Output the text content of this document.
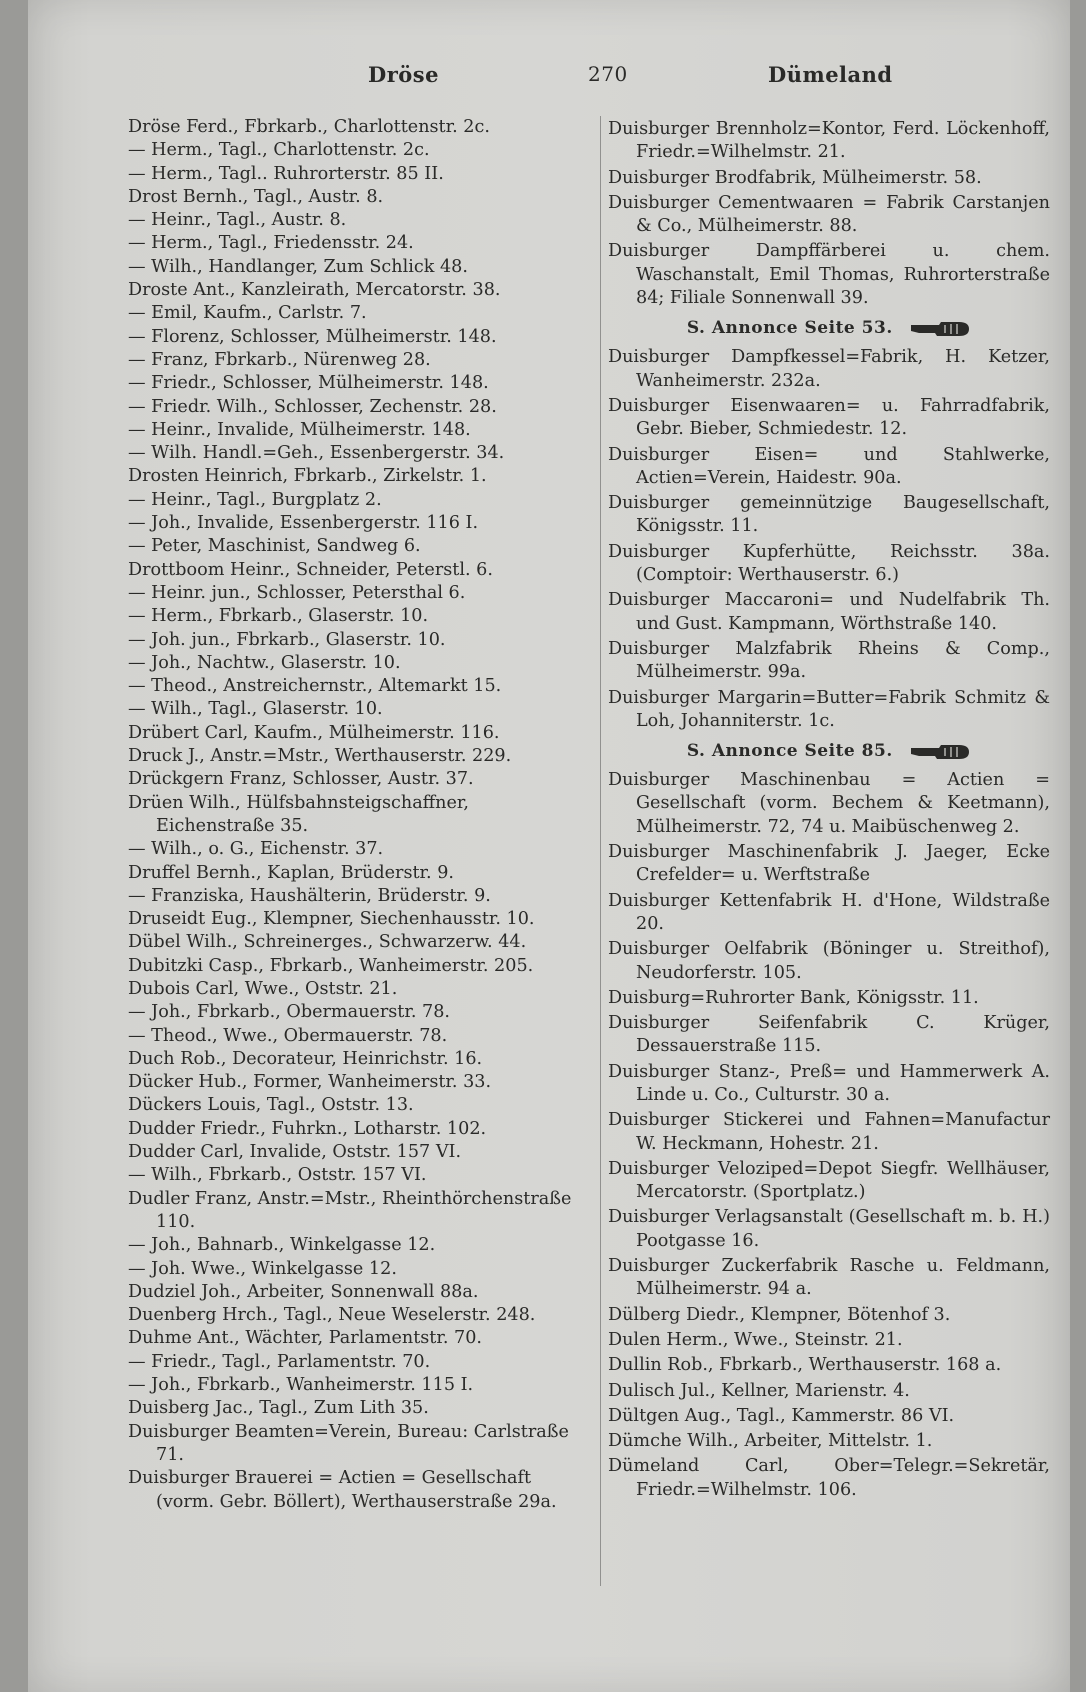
Dröse	270	Dümeland
Dröse Ferd., Fbrkarb., Charlottenstr. 2c.
— Herm., Tagl., Charlottenstr. 2c.
— Herm., Tagl.. Ruhrorterstr. 85 II.
Drost Bernh., Tagl., Austr. 8.
— Heinr., Tagl., Austr. 8.
— Herm., Tagl., Friedensstr. 24.
— Wilh., Handlanger, Zum Schlick 48.
Droste Ant., Kanzleirath, Mercatorstr. 38.
— Emil, Kaufm., Carlstr. 7.
— Florenz, Schlosser, Mülheimerstr. 148.
— Franz, Fbrkarb., Nürenweg 28.
— Friedr., Schlosser, Mülheimerstr. 148.
— Friedr. Wilh., Schlosser, Zechenstr. 28.
— Heinr., Invalide, Mülheimerstr. 148.
— Wilh. Handl.=Geh., Essenbergerstr. 34.
Drosten Heinrich, Fbrkarb., Zirkelstr. 1.
— Heinr., Tagl., Burgplatz 2.
— Joh., Invalide, Essenbergerstr. 116 I.
— Peter, Maschinist, Sandweg 6.
Drottboom Heinr., Schneider, Peterstl. 6.
— Heinr. jun., Schlosser, Petersthal 6.
— Herm., Fbrkarb., Glaserstr. 10.
— Joh. jun., Fbrkarb., Glaserstr. 10.
— Joh., Nachtw., Glaserstr. 10.
— Theod., Anstreichernstr., Altemarkt 15.
— Wilh., Tagl., Glaserstr. 10.
Drübert Carl, Kaufm., Mülheimerstr. 116.
Druck J., Anstr.=Mstr., Werthauserstr. 229.
Drückgern Franz, Schlosser, Austr. 37.
Drüen Wilh., Hülfsbahnsteigschaffner, Eichenstraße 35.
— Wilh., o. G., Eichenstr. 37.
Druffel Bernh., Kaplan, Brüderstr. 9.
— Franziska, Haushälterin, Brüderstr. 9.
Druseidt Eug., Klempner, Siechenhausstr. 10.
Dübel Wilh., Schreinerges., Schwarzerw. 44.
Dubitzki Casp., Fbrkarb., Wanheimerstr. 205.
Dubois Carl, Wwe., Oststr. 21.
— Joh., Fbrkarb., Obermauerstr. 78.
— Theod., Wwe., Obermauerstr. 78.
Duch Rob., Decorateur, Heinrichstr. 16.
Dücker Hub., Former, Wanheimerstr. 33.
Dückers Louis, Tagl., Oststr. 13.
Dudder Friedr., Fuhrkn., Lotharstr. 102.
Dudder Carl, Invalide, Oststr. 157 VI.
— Wilh., Fbrkarb., Oststr. 157 VI.
Dudler Franz, Anstr.=Mstr., Rheinthörchenstraße 110.
— Joh., Bahnarb., Winkelgasse 12.
— Joh. Wwe., Winkelgasse 12.
Dudziel Joh., Arbeiter, Sonnenwall 88a.
Duenberg Hrch., Tagl., Neue Weselerstr. 248.
Duhme Ant., Wächter, Parlamentstr. 70.
— Friedr., Tagl., Parlamentstr. 70.
— Joh., Fbrkarb., Wanheimerstr. 115 I.
Duisberg Jac., Tagl., Zum Lith 35.
Duisburger Beamten=Verein, Bureau: Carlstraße 71.
Duisburger Brauerei = Actien = Gesellschaft (vorm. Gebr. Böllert), Werthauserstraße 29a.
Duisburger Brennholz=Kontor, Ferd. Löckenhoff, Friedr.=Wilhelmstr. 21.
Duisburger Brodfabrik, Mülheimerstr. 58.
Duisburger Cementwaaren = Fabrik Carstanjen & Co., Mülheimerstr. 88.
Duisburger Dampffärberei u. chem. Waschanstalt, Emil Thomas, Ruhrorterstraße 84; Filiale Sonnenwall 39.
S. Annonce Seite 53.
Duisburger Dampfkessel=Fabrik, H. Ketzer, Wanheimerstr. 232a.
Duisburger Eisenwaaren= u. Fahrradfabrik, Gebr. Bieber, Schmiedestr. 12.
Duisburger Eisen= und Stahlwerke, Actien=Verein, Haidestr. 90a.
Duisburger gemeinnützige Baugesellschaft, Königsstr. 11.
Duisburger Kupferhütte, Reichsstr. 38a. (Comptoir: Werthauserstr. 6.)
Duisburger Maccaroni= und Nudelfabrik Th. und Gust. Kampmann, Wörthstraße 140.
Duisburger Malzfabrik Rheins & Comp., Mülheimerstr. 99a.
Duisburger Margarin=Butter=Fabrik Schmitz & Loh, Johanniterstr. 1c.
S. Annonce Seite 85.
Duisburger Maschinenbau = Actien = Gesellschaft (vorm. Bechem & Keetmann), Mülheimerstr. 72, 74 u. Maibüschenweg 2.
Duisburger Maschinenfabrik J. Jaeger, Ecke Crefelder= u. Werftstraße
Duisburger Kettenfabrik H. d'Hone, Wildstraße 20.
Duisburger Oelfabrik (Böninger u. Streithof), Neudorferstr. 105.
Duisburg=Ruhrorter Bank, Königsstr. 11.
Duisburger Seifenfabrik C. Krüger, Dessauerstraße 115.
Duisburger Stanz-, Preß= und Hammerwerk A. Linde u. Co., Culturstr. 30 a.
Duisburger Stickerei und Fahnen=Manufactur W. Heckmann, Hohestr. 21.
Duisburger Veloziped=Depot Siegfr. Wellhäuser, Mercatorstr. (Sportplatz.)
Duisburger Verlagsanstalt (Gesellschaft m. b. H.) Pootgasse 16.
Duisburger Zuckerfabrik Rasche u. Feldmann, Mülheimerstr. 94 a.
Dülberg Diedr., Klempner, Bötenhof 3.
Dulen Herm., Wwe., Steinstr. 21.
Dullin Rob., Fbrkarb., Werthauserstr. 168 a.
Dulisch Jul., Kellner, Marienstr. 4.
Dültgen Aug., Tagl., Kammerstr. 86 VI.
Dümche Wilh., Arbeiter, Mittelstr. 1.
Dümeland Carl, Ober=Telegr.=Sekretär, Friedr.=Wilhelmstr. 106.
